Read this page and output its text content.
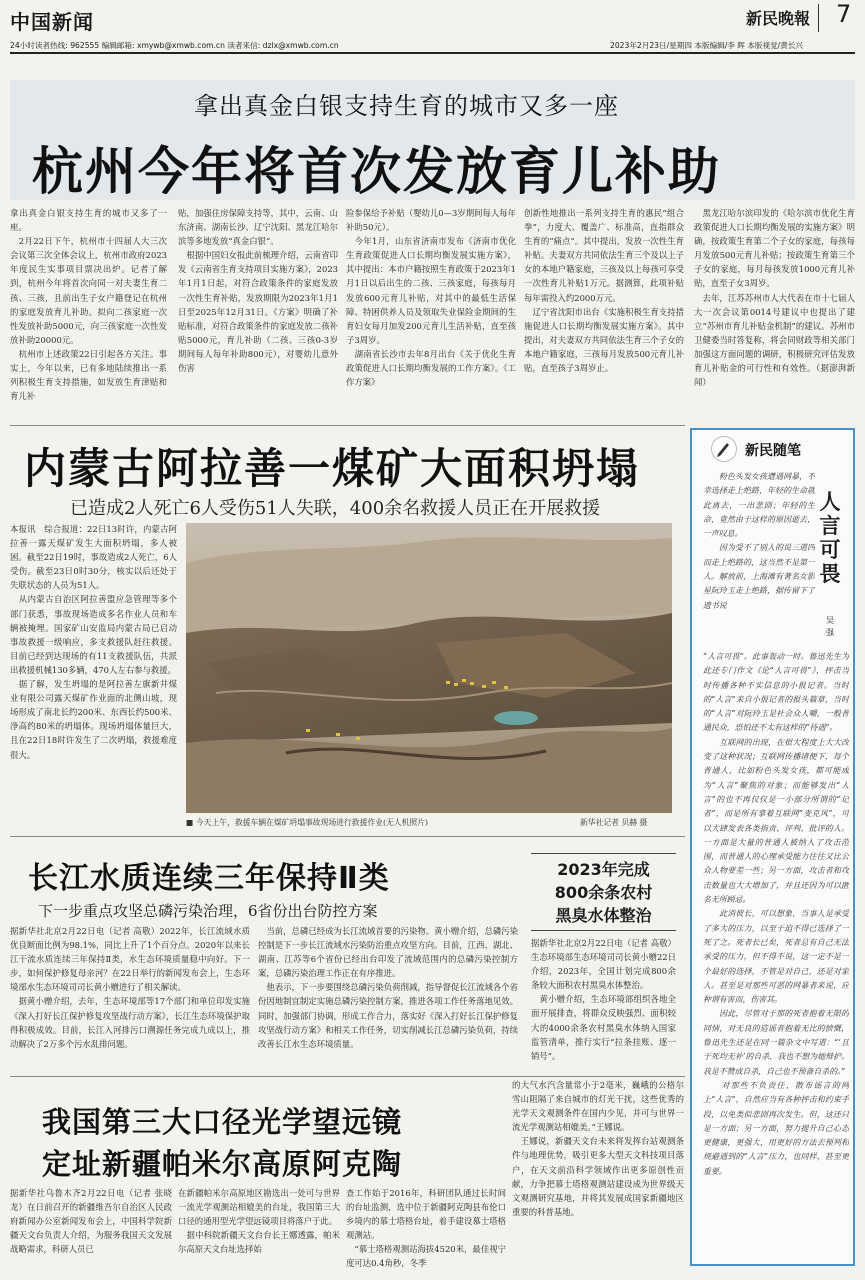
中国新闻	新民晚報 7
24小时读者热线: 962555 编辑邮箱: xmywb@xmwb.com.cn 读者来信: dzlx@xmwb.com.cn	2023年2月23日/星期四 本版编辑/李 晖 本版视觉/黄长兴
拿出真金白银支持生育的城市又多一座
杭州今年将首次发放育儿补助
拿出真金白银支持生育的城市又多了一座。
　2月22日下午，杭州市十四届人大三次会议第三次全体会议上，杭州市政府2023年度民生实事项目票决出炉。记者了解到，杭州今年将首次向同一对夫妻生育二孩、三孩，且前出生子女户籍登记在杭州的家庭发放育儿补助。拟向二孩家庭一次性发放补助5000元，向三孩家庭一次性发放补助20000元。
　杭州市上述政策22日引起各方关注。事实上，今年以来，已有多地陆续推出一系列积极生育支持措施，如发放生育津贴和育儿补
贴，加强住房保障支持等，其中，云南、山东济南、湖南长沙、辽宁沈阳、黑龙江哈尔滨等多地发放“真金白银”。
　根据中国妇女报此前梳理介绍，云南省印发《云南省生育支持项目实施方案》，2023年1月1日起，对符合政策条件的家庭发放一次性生育补贴，发放期限为2023年1月1日至2025年12月31日。《方案》明确了补贴标准，对符合政策条件的家庭发放二孩补贴5000元，育儿补助（二孩、三孩0-3岁期间每人每年补助800元），对婴幼儿意外伤害
险参保给予补贴（婴幼儿0—3岁期间每人每年补助50元）。
　今年1月，山东省济南市发布《济南市优化生育政策促进人口长期均衡发展实施方案》，其中提出：本市户籍按照生育政策于2023年1月1日以后出生的二孩、三孩家庭，每孩每月发放600元育儿补贴，对其中的最低生活保障、特困供养人员及领取失业保险金期间的生育妇女每月加发200元育儿生活补贴，直至孩子3周岁。
　湖南省长沙市去年8月出台《关于优化生育政策促进人口长期均衡发展的工作方案》。《工作方案》
创新性地推出一系列支持生育的惠民“组合拳”，力度大、覆盖广、标准高，直指群众生育的“痛点”。其中提出，发放一次性生育补贴。夫妻双方共同依法生育三个及以上子女的本地户籍家庭，三孩及以上每孩可享受一次性育儿补贴1万元。据测算，此项补贴每年需投入约2000万元。
　辽宁省沈阳市出台《实施积极生育支持措施促进人口长期均衡发展实施方案》。其中提出，对夫妻双方共同依法生育三个子女的本地户籍家庭，三孩每月发放500元育儿补贴，直至孩子3周岁止。
　黑龙江哈尔滨印发的《哈尔滨市优化生育政策促进人口长期均衡发展的实施方案》明确，按政策生育第二个子女的家庭，每孩每月发放500元育儿补贴；按政策生育第三个子女的家庭，每月每孩发放1000元育儿补贴，直至子女3周岁。
　去年，江苏苏州市人大代表在市十七届人大一次会议第0014号建议中也提出了建立“苏州市育儿补贴金机制”的建议。苏州市卫健委当时答复称，将会同财政等相关部门加强这方面问题的调研，积极研究评估发放育儿补贴金的可行性和有效性。（据澎湃新闻）
内蒙古阿拉善一煤矿大面积坍塌
已造成2人死亡6人受伤51人失联，400余名救援人员正在开展救援
本报讯　综合报道：22日13时许，内蒙古阿拉善一露天煤矿发生大面积坍塌，多人被困。截至22日19时，事故造成2人死亡，6人受伤。截至23日0时30分，核实以后还处于失联状态的人员为51人。
　从内蒙古自治区阿拉善盟应急管理等多个部门获悉，事故现场造成多名作业人员和车辆被掩埋。国家矿山安监局内蒙古局已启动事故救援一级响应，多支救援队赶往救援。目前已经到达现场的有11支救援队伍，共派出救援机械130多辆，470人左右参与救援。
　据了解，发生坍塌的是阿拉善左旗新井煤业有限公司露天煤矿作业面的北侧山坡，现场形成了南北长约200米、东西长约500米、净高约80米的坍塌体。现场坍塌体量巨大，且在22日18时许发生了二次坍塌，救援难度很大。
■ 今天上午，救援车辆在煤矿坍塌事故现场进行救援作业(无人机照片)	新华社记者 贝赫 摄
长江水质连续三年保持Ⅱ类
下一步重点攻坚总磷污染治理，6省份出台防控方案
据新华社北京2月22日电（记者 高敬）2022年，长江流域水质优良断面比例为98.1%，同比上升了1个百分点。2020年以来长江干流水质连续三年保持Ⅱ类，水生态环境质量稳中向好。下一步，如何保护修复母亲河？在22日举行的新闻发布会上，生态环境部水生态环境司司长黄小赠进行了相关解读。
　据黄小赠介绍，去年，生态环境部等17个部门和单位印发实施《深入打好长江保护修复攻坚战行动方案》，长江生态环境保护取得积极成效。目前，长江入河排污口溯源任务完成九成以上，推动解决了2万多个污水乱排问题。
　当前，总磷已经成为长江流域首要的污染物。黄小赠介绍，总磷污染控制是下一步长江流域水污染防治重点攻坚方向。目前，江西、湖北、湖南、江苏等6个省份已经出台印发了流域范围内的总磷污染控制方案，总磷污染治理工作正在有序推进。
　他表示，下一步要围绕总磷污染负荷削减，指导督促长江流域各个省份因地制宜制定实施总磷污染控制方案，推进各项工作任务落地见效。同时，加强部门协调，形成工作合力，落实好《深入打好长江保护修复攻坚战行动方案》和相关工作任务，切实削减长江总磷污染负荷，持续改善长江水生态环境质量。
2023年完成
800余条农村
黑臭水体整治
据新华社北京2月22日电（记者 高敬）生态环境部生态环境司司长黄小赠22日介绍，2023年，全国计划完成800余条较大面积农村黑臭水体整治。
　黄小赠介绍，生态环境部组织各地全面开展排查，将群众反映强烈、面积较大的4000余条农村黑臭水体纳入国家监管清单，推行实行“拉条挂账、逐一销号”。
我国第三大口径光学望远镜
定址新疆帕米尔高原阿克陶
据新华社乌鲁木齐2月22日电（记者 张晓龙）在日前召开的新疆维吾尔自治区人民政府新闻办公室新闻发布会上，中国科学院新疆天文台负责人介绍，为服务我国天文发展战略需求，科研人员已
在新疆帕米尔高原地区勘选出一处可与世界一流光学观测站相媲美的台址，我国第三大口径的通用型光学望远镜项目将落户于此。
　据中科院新疆天文台台长王娜透露，帕米尔高原天文台址选择始
查工作始于2016年，科研团队通过长时间的台址监测，选中位于新疆阿克陶县布伦口乡境内的慕士塔格台址，着手建设慕士塔格观测站。
　“慕士塔格观测站海拔4520米，最佳视宁度可达0.4角秒，冬季
的大气水汽含量常小于2毫米，巍峨的公格尔雪山阻隔了来自城市的灯光干扰，这些优秀的光学天文观测条件在国内少见，并可与世界一流光学观测站相媲美。”王娜说。
　王娜说，新疆天文台未来将发挥台站观测条件与地理优势，吸引更多大型天文科技项目落户，在天文前沿科学领域作出更多原创性贡献，力争把慕士塔格观测站建设成为世界级天文观测研究基地，并将其发展成国家新疆地区重要的科普基地。
新民随笔
人言可畏
吴 强
　　粉色头发女孩遭遇网暴，不幸选择走上绝路，年轻的生命就此离去，一出悲剧；年轻的生命，竟然由于这样的原因逝去，一声叹息。
　　因为受不了别人的说三道四而走上绝路的，这当然不是第一人。解放前，上海滩有著名女影星阮玲玉走上绝路，据传留下了遗书说
“人言可畏”。此事轰动一时。鲁迅先生为此还专门作文《论“人言可畏”》，抨击当时传播各种不实信息的小报记者。当时的“人言”来自小报记者的报头篇章，当时的“人言”对阮玲玉是社会众人嚼，一般普通民众，恐怕还不太有这样的“待遇”。
　　互联网的出现，在很大程度上大大改变了这种状况；互联网传播诸便下，每个普通人，比如粉色头发女孩，都可能成为“人言”聚焦的对象；而能够发出“人言”的也不再仅仅是一小部分所谓的“记者”，而是所有拿着互联网“麦克风”，可以大肆发表各类指责、评判、批评的人。一方面是大量的普通人被纳入了攻击范围，而普通人的心理承受能力往往又比公众人物要差一些；另一方面，攻击者和攻击数量也大大增加了，并且还因为可以匿名无所顾忌。
　　此消彼长，可以想象，当事人是承受了多大的压力，以至于迫不得已选择了一死了之。死者长已矣，死者总有自己无法承受的压力，但不得不说，这一定不是一个最好的选择，不管是对自己，还是对家人。甚至是对那些可恶的网暴者来说，应种谓有害而，伤害其。
　　因此，尽管对于那的死者抱着无限的同情，对无良的造谣者抱着无比的愤慨，鲁迅先生还是在同一篇杂文中写道：“‘且于死均无补’的自杀，我也不想为她辩护。我是不赞成自杀，自己也不预备自杀的。”
　　对那些不负责任、散布谣言的网上“人言”，自然应当有各种抨击和约束手段，以免类似悲剧再次发生。但，这还只是一方面；另一方面，努力提升自己心态更健康，更强大，用更好的方法去预判和规避遇到的“人言”压力，也同样，甚至更重要。
